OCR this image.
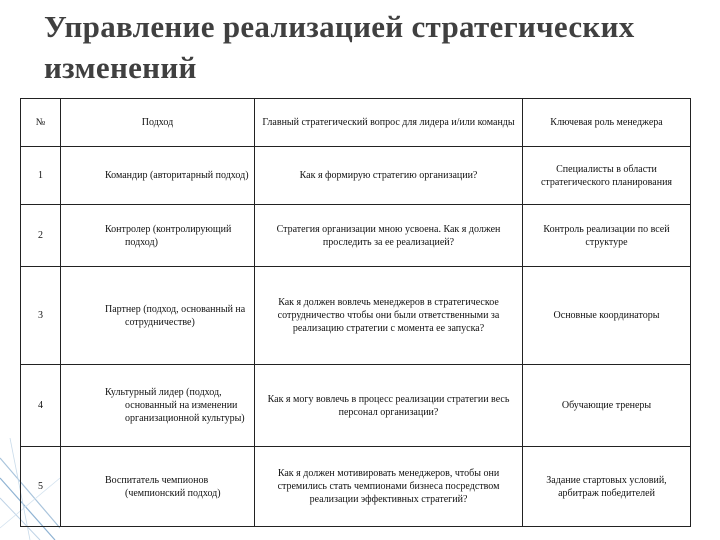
Управление реализацией стратегических изменений
№	Подход	Главный стратегический вопрос для лидера и/или команды	Ключевая роль менеджера
1	Командир (авторитарный подход)	Как я формирую стратегию организации?	Специалисты в области стратегического планирования
2	Контролер (контролирующий подход)	Стратегия организации мною усвоена. Как я должен проследить за ее реализацией?	Контроль реализации по всей структуре
3	Партнер (подход, основанный на сотрудничестве)	Как я должен вовлечь менеджеров в стратегическое сотрудничество чтобы они были ответственными за реализацию стратегии с момента ее запуска?	Основные координаторы
4	Культурный лидер (подход, основанный на изменении организационной культуры)	Как я могу вовлечь в процесс реализации стратегии весь персонал организации?	Обучающие тренеры
5	Воспитатель чемпионов (чемпионский подход)	Как я должен мотивировать менеджеров, чтобы они стремились стать чемпионами бизнеса посредством реализации эффективных стратегий?	Задание стартовых условий, арбитраж победителей
